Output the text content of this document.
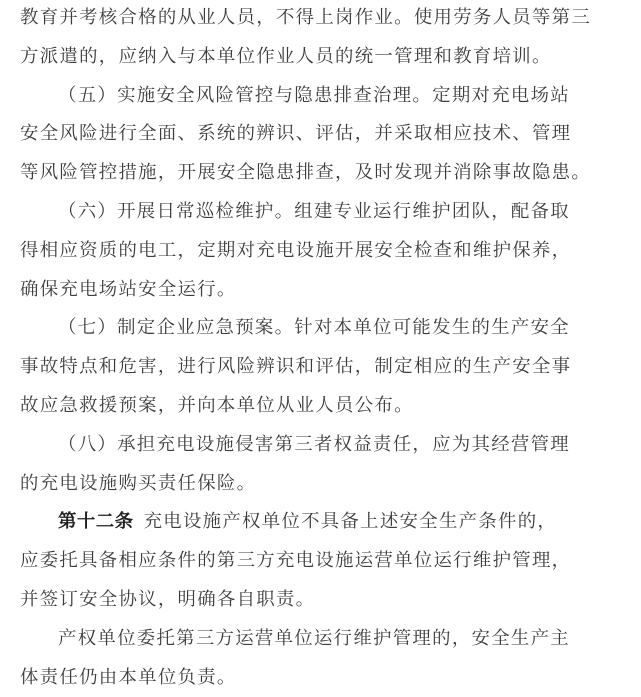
教育并考核合格的从业人员，不得上岗作业。使用劳务人员等第三
方派遣的，应纳入与本单位作业人员的统一管理和教育培训。

（五）实施安全风险管控与隐患排查治理。定期对充电场站
安全风险进行全面、系统的辨识、评估，并采取相应技术、管理
等风险管控措施，开展安全隐患排查，及时发现并消除事故隐患。

（六）开展日常巡检维护。组建专业运行维护团队，配备取
得相应资质的电工，定期对充电设施开展安全检查和维护保养，
确保充电场站安全运行。

（七）制定企业应急预案。针对本单位可能发生的生产安全
事故特点和危害，进行风险辨识和评估，制定相应的生产安全事
故应急救援预案，并向本单位从业人员公布。

（八）承担充电设施侵害第三者权益责任，应为其经营管理
的充电设施购买责任保险。

第十二条 充电设施产权单位不具备上述安全生产条件的，
应委托具备相应条件的第三方充电设施运营单位运行维护管理，
并签订安全协议，明确各自职责。

产权单位委托第三方运营单位运行维护管理的，安全生产主
体责任仍由本单位负责。
